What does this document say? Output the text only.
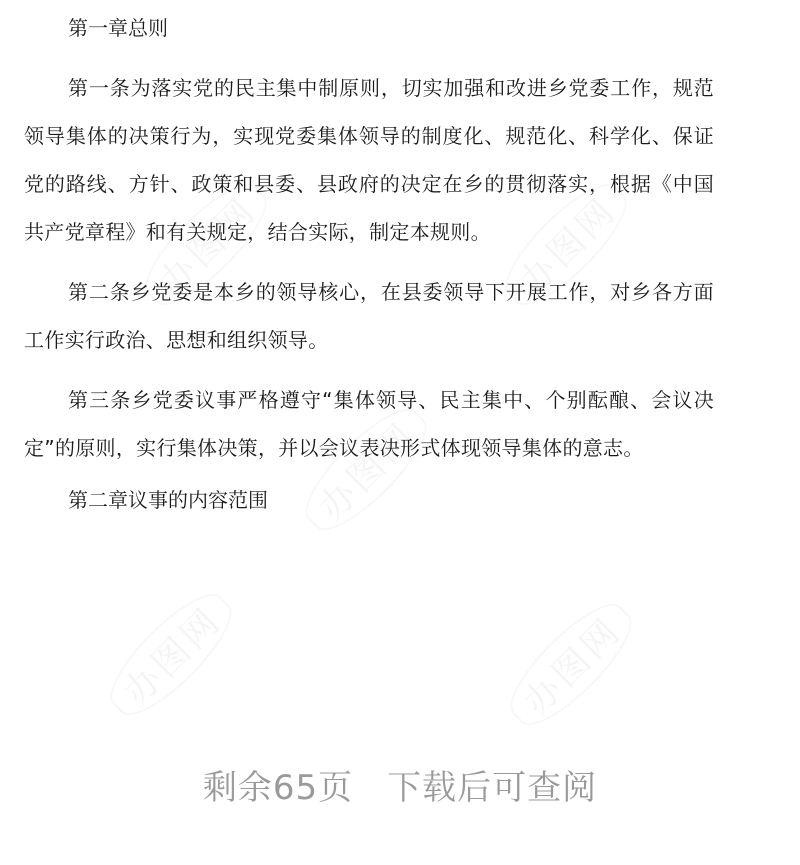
办图网	办图网
办图网
办图网	办图网
第一章总则

第一条为落实党的民主集中制原则，切实加强和改进乡党委工作，规范领导集体的决策行为，实现党委集体领导的制度化、规范化、科学化、保证党的路线、方针、政策和县委、县政府的决定在乡的贯彻落实，根据《中国共产党章程》和有关规定，结合实际，制定本规则。

第二条乡党委是本乡的领导核心，在县委领导下开展工作，对乡各方面工作实行政治、思想和组织领导。

第三条乡党委议事严格遵守“集体领导、民主集中、个别酝酿、会议决定”的原则，实行集体决策，并以会议表决形式体现领导集体的意志。

第二章议事的内容范围
剩余65页 下载后可查阅
